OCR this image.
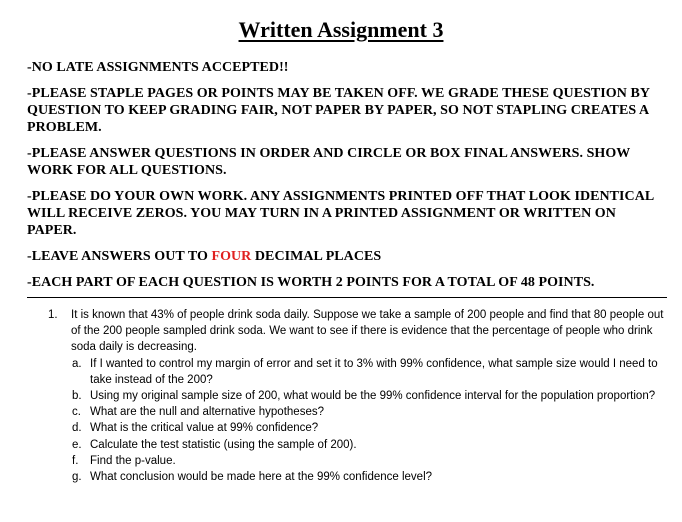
Written Assignment 3
-NO LATE ASSIGNMENTS ACCEPTED!!
-PLEASE STAPLE PAGES OR POINTS MAY BE TAKEN OFF. WE GRADE THESE QUESTION BY QUESTION TO KEEP GRADING FAIR, NOT PAPER BY PAPER, SO NOT STAPLING CREATES A PROBLEM.
-PLEASE ANSWER QUESTIONS IN ORDER AND CIRCLE OR BOX FINAL ANSWERS. SHOW WORK FOR ALL QUESTIONS.
-PLEASE DO YOUR OWN WORK. ANY ASSIGNMENTS PRINTED OFF THAT LOOK IDENTICAL WILL RECEIVE ZEROS. YOU MAY TURN IN A PRINTED ASSIGNMENT OR WRITTEN ON PAPER.
-LEAVE ANSWERS OUT TO FOUR DECIMAL PLACES
-EACH PART OF EACH QUESTION IS WORTH 2 POINTS FOR A TOTAL OF 48 POINTS.
1. It is known that 43% of people drink soda daily. Suppose we take a sample of 200 people and find that 80 people out of the 200 people sampled drink soda. We want to see if there is evidence that the percentage of people who drink soda daily is decreasing.
a. If I wanted to control my margin of error and set it to 3% with 99% confidence, what sample size would I need to take instead of the 200?
b. Using my original sample size of 200, what would be the 99% confidence interval for the population proportion?
c. What are the null and alternative hypotheses?
d. What is the critical value at 99% confidence?
e. Calculate the test statistic (using the sample of 200).
f. Find the p-value.
g. What conclusion would be made here at the 99% confidence level?
